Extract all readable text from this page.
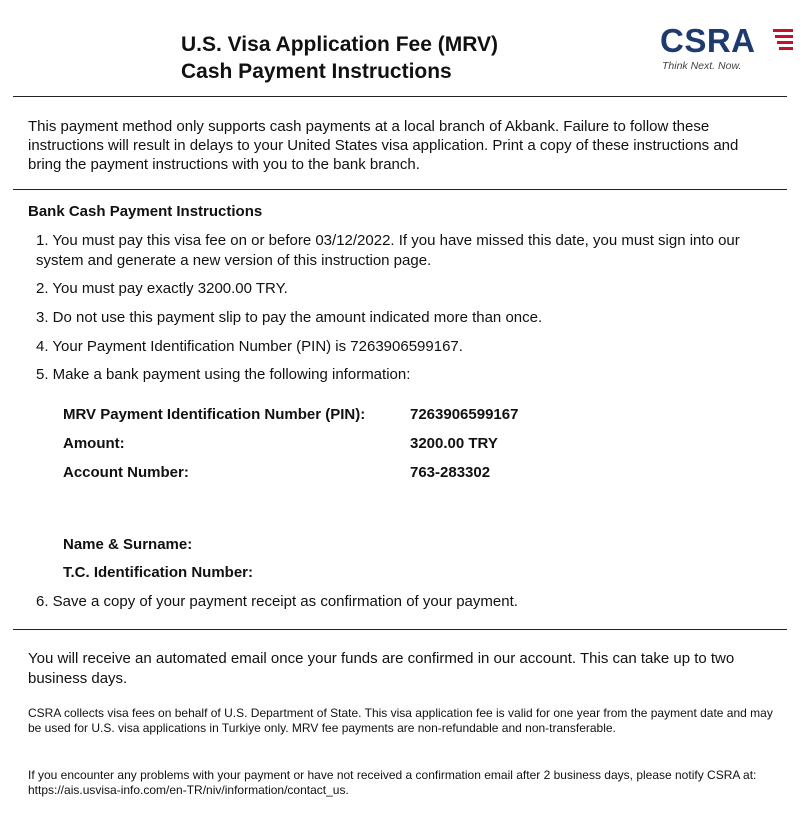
U.S. Visa Application Fee (MRV)
Cash Payment Instructions
CSRA
Think Next. Now.
This payment method only supports cash payments at a local branch of Akbank. Failure to follow these instructions will result in delays to your United States visa application. Print a copy of these instructions and bring the payment instructions with you to the bank branch.
Bank Cash Payment Instructions
1. You must pay this visa fee on or before 03/12/2022. If you have missed this date, you must sign into our system and generate a new version of this instruction page.
2. You must pay exactly 3200.00 TRY.
3. Do not use this payment slip to pay the amount indicated more than once.
4. Your Payment Identification Number (PIN) is 7263906599167.
5. Make a bank payment using the following information:
MRV Payment Identification Number (PIN):	7263906599167
Amount:	3200.00 TRY
Account Number:	763-283302
Name & Surname:
T.C. Identification Number:
6. Save a copy of your payment receipt as confirmation of your payment.
You will receive an automated email once your funds are confirmed in our account. This can take up to two business days.
CSRA collects visa fees on behalf of U.S. Department of State. This visa application fee is valid for one year from the payment date and may be used for U.S. visa applications in Turkiye only. MRV fee payments are non-refundable and non-transferable.
If you encounter any problems with your payment or have not received a confirmation email after 2 business days, please notify CSRA at: https://ais.usvisa-info.com/en-TR/niv/information/contact_us.
